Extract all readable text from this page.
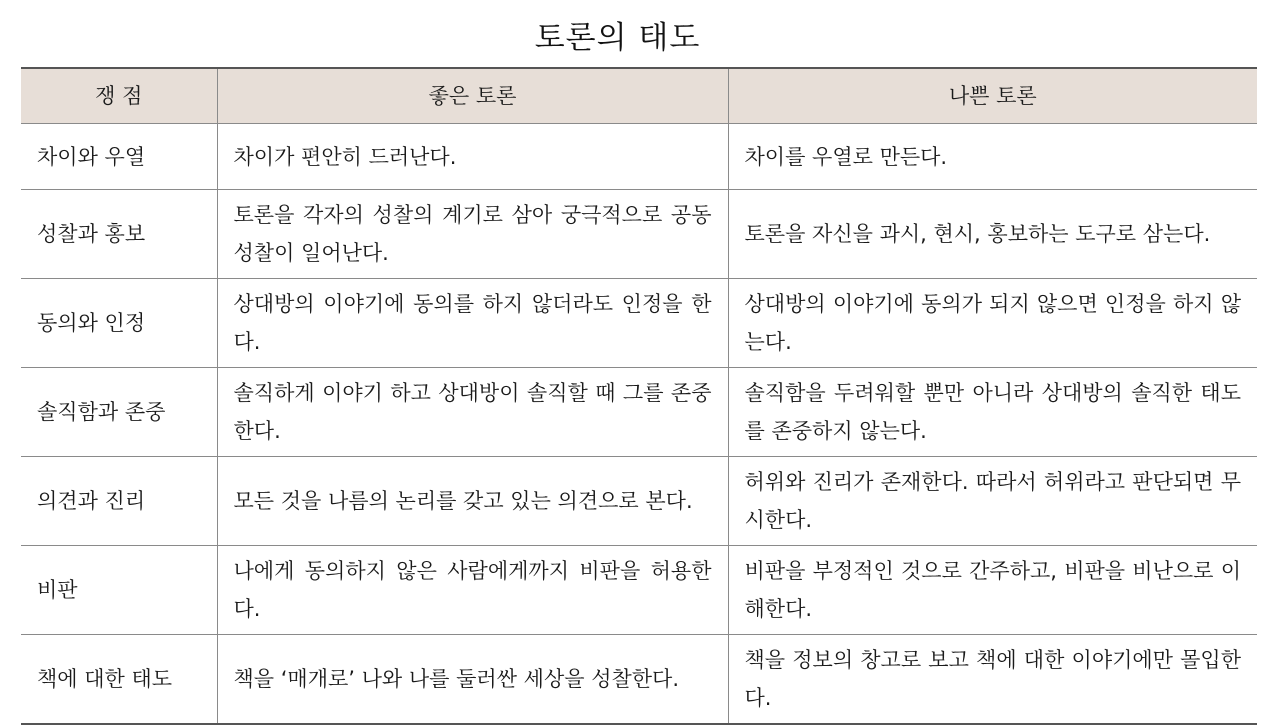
토론의 태도
쟁 점	좋은 토론	나쁜 토론
차이와 우열	차이가 편안히 드러난다.	차이를 우열로 만든다.
성찰과 홍보	토론을 각자의 성찰의 계기로 삼아 궁극적으로 공동성찰이 일어난다.	토론을 자신을 과시, 현시, 홍보하는 도구로 삼는다.
동의와 인정	상대방의 이야기에 동의를 하지 않더라도 인정을 한다.	상대방의 이야기에 동의가 되지 않으면 인정을 하지 않는다.
솔직함과 존중	솔직하게 이야기 하고 상대방이 솔직할 때 그를 존중한다.	솔직함을 두려워할 뿐만 아니라 상대방의 솔직한 태도를 존중하지 않는다.
의견과 진리	모든 것을 나름의 논리를 갖고 있는 의견으로 본다.	허위와 진리가 존재한다. 따라서 허위라고 판단되면 무시한다.
비판	나에게 동의하지 않은 사람에게까지 비판을 허용한다.	비판을 부정적인 것으로 간주하고, 비판을 비난으로 이해한다.
책에 대한 태도	책을 ‘매개로’ 나와 나를 둘러싼 세상을 성찰한다.	책을 정보의 창고로 보고 책에 대한 이야기에만 몰입한다.
